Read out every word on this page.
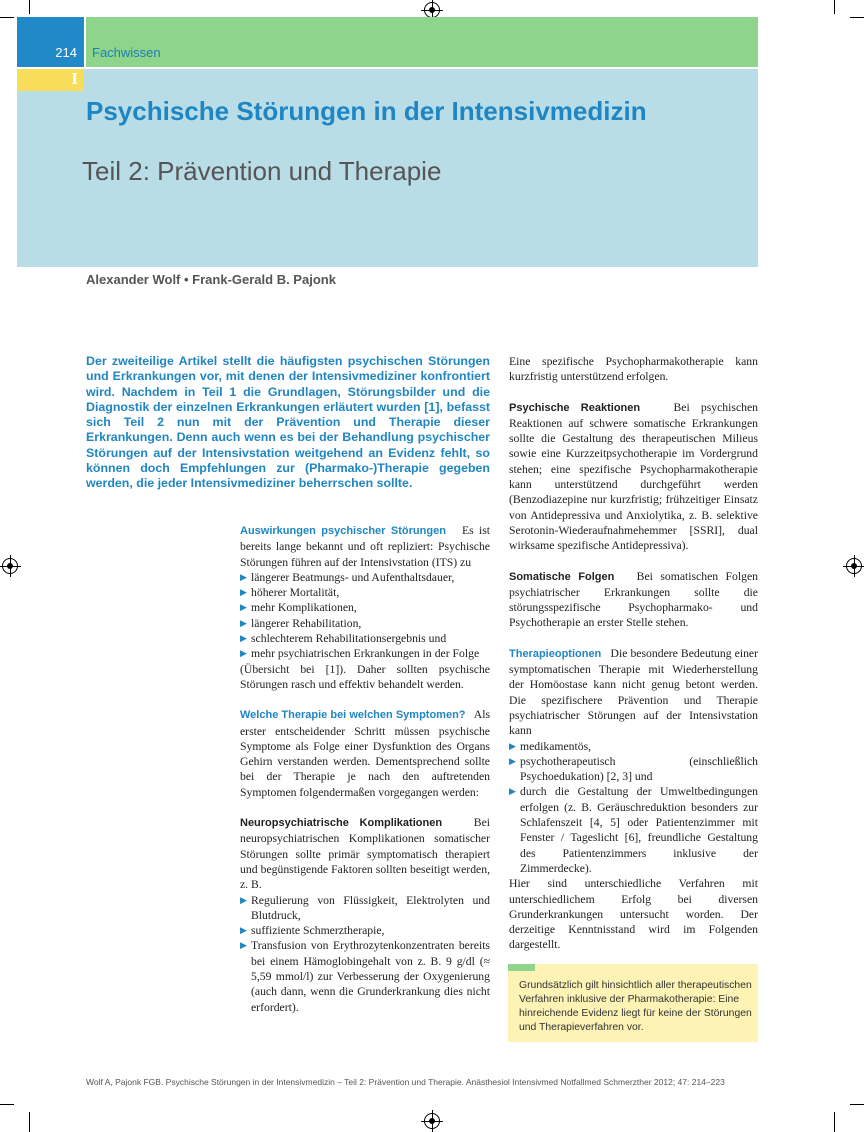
214 Fachwissen
I
Psychische Störungen in der Intensivmedizin
Teil 2: Prävention und Therapie
Alexander Wolf • Frank-Gerald B. Pajonk
Der zweiteilige Artikel stellt die häufigsten psychischen Störungen und Erkrankungen vor, mit denen der Intensivmediziner konfrontiert wird. Nachdem in Teil 1 die Grundlagen, Störungsbilder und die Diagnostik der einzelnen Erkrankungen erläutert wurden [1], befasst sich Teil 2 nun mit der Prävention und Therapie dieser Erkrankungen. Denn auch wenn es bei der Behandlung psychischer Störungen auf der Intensivstation weitgehend an Evidenz fehlt, so können doch Empfehlungen zur (Pharmako-)Therapie gegeben werden, die jeder Intensivmediziner beherrschen sollte.

Auswirkungen psychischer Störungen Es ist bereits lange bekannt und oft repliziert: Psychische Störungen führen auf der Intensivstation (ITS) zu

▶ längerer Beatmungs- und Aufenthaltsdauer,
▶ höherer Mortalität,
▶ mehr Komplikationen,
▶ längerer Rehabilitation,
▶ schlechterem Rehabilitationsergebnis und
▶ mehr psychiatrischen Erkrankungen in der Folge

(Übersicht bei [1]). Daher sollten psychische Störungen rasch und effektiv behandelt werden.

Welche Therapie bei welchen Symptomen? Als erster entscheidender Schritt müssen psychische Symptome als Folge einer Dysfunktion des Organs Gehirn verstanden werden. Dementsprechend sollte bei der Therapie je nach den auftretenden Symptomen folgendermaßen vorgegangen werden:

Neuropsychiatrische Komplikationen	Bei neuropsychiatrischen Komplikationen somatischer Störungen sollte primär symptomatisch therapiert und begünstigende Faktoren sollten beseitigt werden, z. B.

▶ Regulierung von Flüssigkeit, Elektrolyten und Blutdruck,
▶ suffiziente Schmerztherapie,
▶ Transfusion von Erythrozytenkonzentraten bereits bei einem Hämoglobingehalt von z. B. 9 g/dl (≈ 5,59 mmol/l) zur Verbesserung der Oxygenierung (auch dann, wenn die Grunderkrankung dies nicht erfordert).

Eine spezifische Psychopharmakotherapie kann kurzfristig unterstützend erfolgen.

Psychische Reaktionen	Bei psychischen Reaktionen auf schwere somatische Erkrankungen sollte die Gestaltung des therapeutischen Milieus sowie eine Kurzzeitpsychotherapie im Vordergrund stehen; eine spezifische Psychopharmakotherapie kann unterstützend durchgeführt werden (Benzodiazepine nur kurzfristig; frühzeitiger Einsatz von Antidepressiva und Anxiolytika, z. B. selektive Serotonin-Wiederaufnahmehemmer [SSRI], dual wirksame spezifische Antidepressiva).

Somatische Folgen Bei somatischen Folgen psychiatrischer Erkrankungen sollte die störungsspezifische Psychopharmako- und Psychotherapie an erster Stelle stehen.

Therapieoptionen Die besondere Bedeutung einer symptomatischen Therapie mit Wiederherstellung der Homöostase kann nicht genug betont werden. Die spezifischere Prävention und Therapie psychiatrischer Störungen auf der Intensivstation kann

▶ medikamentös,
▶ psychotherapeutisch (einschließlich Psychoedukation) [2, 3] und
▶ durch die Gestaltung der Umweltbedingungen erfolgen (z. B. Geräuschreduktion besonders zur Schlafenszeit [4, 5] oder Patientenzimmer mit Fenster / Tageslicht [6], freundliche Gestaltung des Patientenzimmers inklusive der Zimmerdecke).

Hier sind unterschiedliche Verfahren mit unterschiedlichem Erfolg bei diversen Grunderkrankungen untersucht worden. Der derzeitige Kenntnisstand wird im Folgenden dargestellt.

Grundsätzlich gilt hinsichtlich aller therapeutischen Verfahren inklusive der Pharmakotherapie: Eine hinreichende Evidenz liegt für keine der Störungen und Therapieverfahren vor.
Wolf A, Pajonk FGB. Psychische Störungen in der Intensivmedizin – Teil 2: Prävention und Therapie. Anästhesiol Intensivmed Notfallmed Schmerzther 2012; 47: 214–223
